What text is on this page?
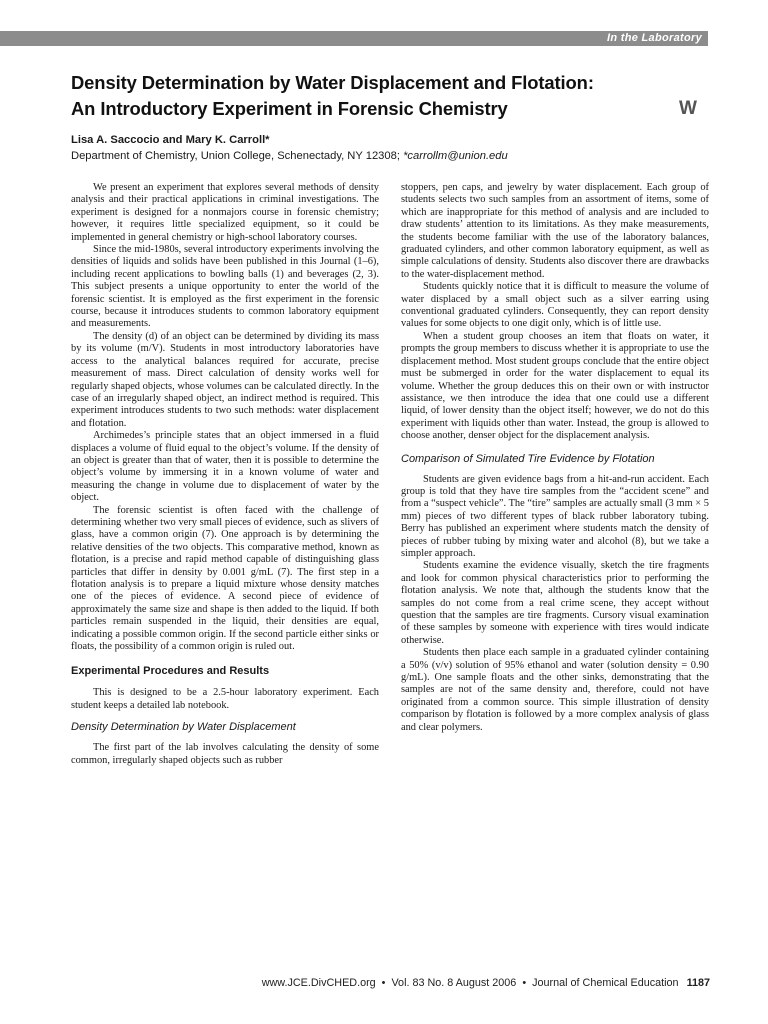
In the Laboratory
Density Determination by Water Displacement and Flotation:
An Introductory Experiment in Forensic Chemistry	W
Lisa A. Saccocio and Mary K. Carroll*
Department of Chemistry, Union College, Schenectady, NY 12308; *carrollm@union.edu

We present an experiment that explores several methods of density analysis and their practical applications in criminal investigations. The experiment is designed for a nonmajors course in forensic chemistry; however, it requires little specialized equipment, so it could be implemented in general chemistry or high-school laboratory courses.

Since the mid-1980s, several introductory experiments involving the densities of liquids and solids have been published in this Journal (1–6), including recent applications to bowling balls (1) and beverages (2, 3). This subject presents a unique opportunity to enter the world of the forensic scientist. It is employed as the first experiment in the forensic course, because it introduces students to common laboratory equipment and measurements.

The density (d) of an object can be determined by dividing its mass by its volume (m/V). Students in most introductory laboratories have access to the analytical balances required for accurate, precise measurement of mass. Direct calculation of density works well for regularly shaped objects, whose volumes can be calculated directly. In the case of an irregularly shaped object, an indirect method is required. This experiment introduces students to two such methods: water displacement and flotation.

Archimedes’s principle states that an object immersed in a fluid displaces a volume of fluid equal to the object’s volume. If the density of an object is greater than that of water, then it is possible to determine the object’s volume by immersing it in a known volume of water and measuring the change in volume due to displacement of water by the object.

The forensic scientist is often faced with the challenge of determining whether two very small pieces of evidence, such as slivers of glass, have a common origin (7). One approach is by determining the relative densities of the two objects. This comparative method, known as flotation, is a precise and rapid method capable of distinguishing glass particles that differ in density by 0.001 g/mL (7). The first step in a flotation analysis is to prepare a liquid mixture whose density matches one of the pieces of evidence. A second piece of evidence of approximately the same size and shape is then added to the liquid. If both particles remain suspended in the liquid, their densities are equal, indicating a possible common origin. If the second particle either sinks or floats, the possibility of a common origin is ruled out.

Experimental Procedures and Results

This is designed to be a 2.5-hour laboratory experiment. Each student keeps a detailed lab notebook.

Density Determination by Water Displacement

The first part of the lab involves calculating the density of some common, irregularly shaped objects such as rubber

stoppers, pen caps, and jewelry by water displacement. Each group of students selects two such samples from an assortment of items, some of which are inappropriate for this method of analysis and are included to draw students’ attention to its limitations. As they make measurements, the students become familiar with the use of the laboratory balances, graduated cylinders, and other common laboratory equipment, as well as simple calculations of density. Students also discover there are drawbacks to the water-displacement method.

Students quickly notice that it is difficult to measure the volume of water displaced by a small object such as a silver earring using conventional graduated cylinders. Consequently, they can report density values for some objects to one digit only, which is of little use.

When a student group chooses an item that floats on water, it prompts the group members to discuss whether it is appropriate to use the displacement method. Most student groups conclude that the entire object must be submerged in order for the water displacement to equal its volume. Whether the group deduces this on their own or with instructor assistance, we then introduce the idea that one could use a different liquid, of lower density than the object itself; however, we do not do this experiment with liquids other than water. Instead, the group is allowed to choose another, denser object for the displacement analysis.

Comparison of Simulated Tire Evidence by Flotation

Students are given evidence bags from a hit-and-run accident. Each group is told that they have tire samples from the “accident scene” and from a “suspect vehicle”. The “tire” samples are actually small (3 mm × 5 mm) pieces of two different types of black rubber laboratory tubing. Berry has published an experiment where students match the density of pieces of rubber tubing by mixing water and alcohol (8), but we take a simpler approach.

Students examine the evidence visually, sketch the tire fragments and look for common physical characteristics prior to performing the flotation analysis. We note that, although the students know that the samples do not come from a real crime scene, they accept without question that the samples are tire fragments. Cursory visual examination of these samples by someone with experience with tires would indicate otherwise.

Students then place each sample in a graduated cylinder containing a 50% (v/v) solution of 95% ethanol and water (solution density = 0.90 g/mL). One sample floats and the other sinks, demonstrating that the samples are not of the same density and, therefore, could not have originated from a common source. This simple illustration of density comparison by flotation is followed by a more complex analysis of glass and clear polymers.

www.JCE.DivCHED.org • Vol. 83 No. 8 August 2006 • Journal of Chemical Education 1187
